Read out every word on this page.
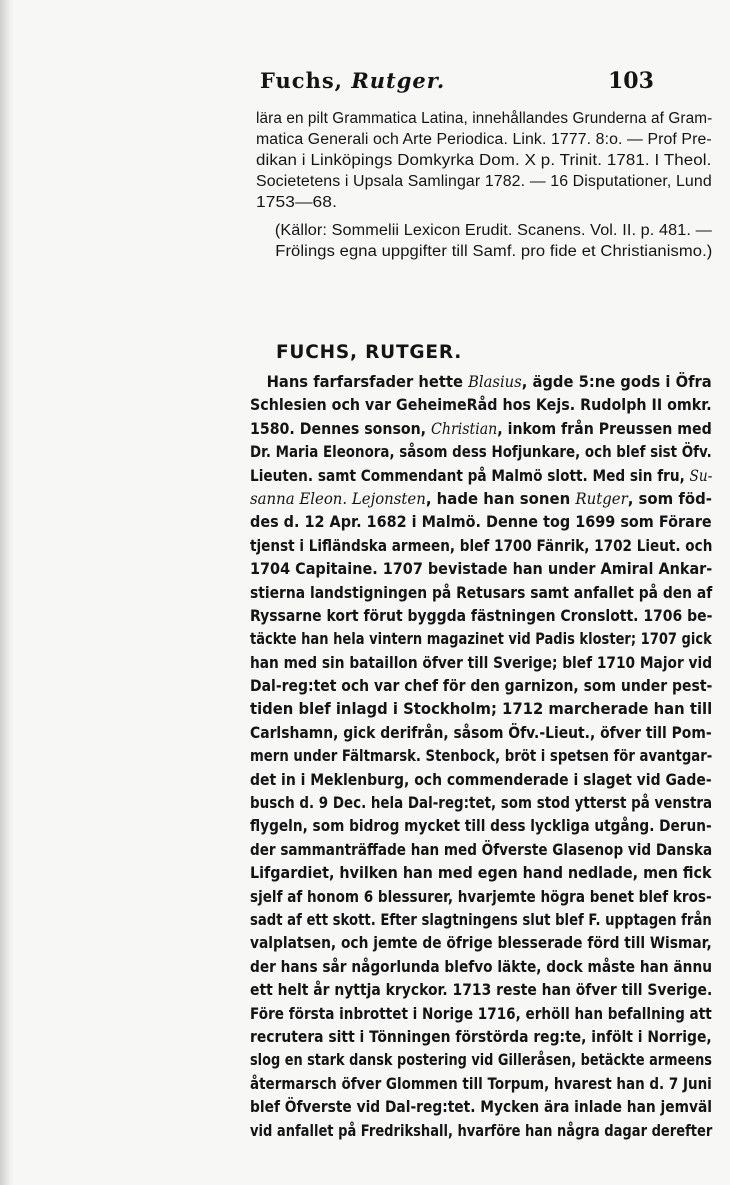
Fuchs, Rutger.	103

lära en pilt Grammatica Latina, innehållandes Grunderna af Gram-
matica Generali och Arte Periodica. Link. 1777. 8:o. — Prof Pre-
dikan i Linköpings Domkyrka Dom. X p. Trinit. 1781. I Theol.
Societetens i Upsala Samlingar 1782. — 16 Disputationer, Lund
1753—68.

(Källor: Sommelii Lexicon Erudit. Scanens. Vol. II. p. 481. —
Frölings egna uppgifter till Samf. pro fide et Christianismo.)

FUCHS, RUTGER.
Hans farfarsfader hette Blasius, ägde 5:ne gods i Öfra
Schlesien och var GeheimeRåd hos Kejs. Rudolph II omkr.
1580. Dennes sonson, Christian, inkom från Preussen med
Dr. Maria Eleonora, såsom dess Hofjunkare, och blef sist Öfv.
Lieuten. samt Commendant på Malmö slott. Med sin fru, Su-
sanna Eleon. Lejonsten, hade han sonen Rutger, som föd-
des d. 12 Apr. 1682 i Malmö. Denne tog 1699 som Förare
tjenst i Lifländska armeen, blef 1700 Fänrik, 1702 Lieut. och
1704 Capitaine. 1707 bevistade han under Amiral Ankar-
stierna landstigningen på Retusars samt anfallet på den af
Ryssarne kort förut byggda fästningen Cronslott. 1706 be-
täckte han hela vintern magazinet vid Padis kloster; 1707 gick
han med sin bataillon öfver till Sverige; blef 1710 Major vid
Dal-reg:tet och var chef för den garnizon, som under pest-
tiden blef inlagd i Stockholm; 1712 marcherade han till
Carlshamn, gick derifrån, såsom Öfv.-Lieut., öfver till Pom-
mern under Fältmarsk. Stenbock, bröt i spetsen för avantgar-
det in i Meklenburg, och commenderade i slaget vid Gade-
busch d. 9 Dec. hela Dal-reg:tet, som stod ytterst på venstra
flygeln, som bidrog mycket till dess lyckliga utgång. Derun-
der sammanträffade han med Öfverste Glasenop vid Danska
Lifgardiet, hvilken han med egen hand nedlade, men fick
sjelf af honom 6 blessurer, hvarjemte högra benet blef kros-
sadt af ett skott. Efter slagtningens slut blef F. upptagen från
valplatsen, och jemte de öfrige blesserade förd till Wismar,
der hans sår någorlunda blefvo läkte, dock måste han ännu
ett helt år nyttja kryckor. 1713 reste han öfver till Sverige.
Före första inbrottet i Norige 1716, erhöll han befallning att
recrutera sitt i Tönningen förstörda reg:te, infölt i Norrige,
slog en stark dansk postering vid Gilleråsen, betäckte armeens
återmarsch öfver Glommen till Torpum, hvarest han d. 7 Juni
blef Öfverste vid Dal-reg:tet. Mycken ära inlade han jemväl
vid anfallet på Fredrikshall, hvarföre han några dagar derefter
